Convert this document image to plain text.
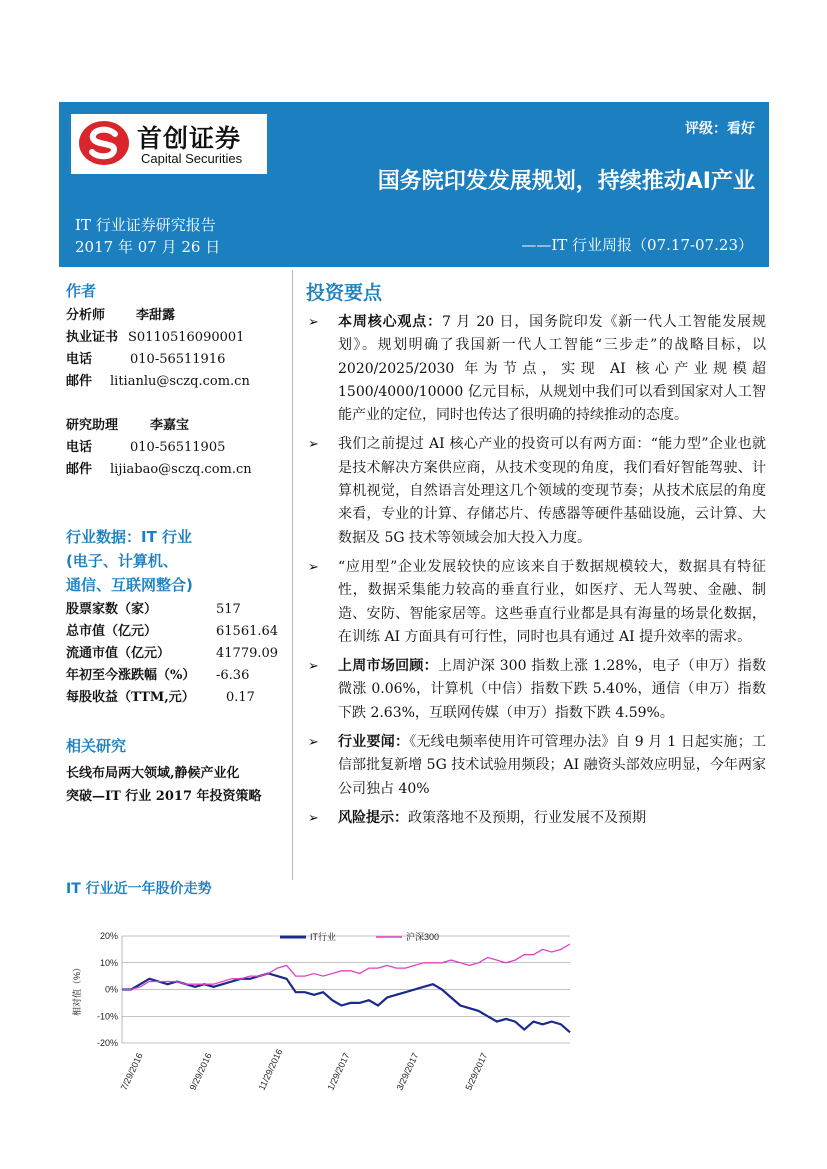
首创证券
Capital Securities
评级：看好
国务院印发发展规划，持续推动AI产业
IT 行业证券研究报告
2017 年 07 月 26 日	——IT 行业周报（07.17-07.23）
作者
分析师 李甜露
执业证书 S0110516090001
电话	010-56511916
邮件 litianlu@sczq.com.cn
研究助理 李嘉宝
电话	010-56511905
邮件 lijiabao@sczq.com.cn
行业数据：IT 行业
(电子、计算机、
通信、互联网整合)
股票家数（家）	517
总市值（亿元）	61561.64
流通市值（亿元）	41779.09
年初至今涨跌幅（%） -6.36
每股收益（TTM,元） 0.17
相关研究
长线布局两大领域,静候产业化
突破—IT 行业 2017 年投资策略
投资要点
➢ 本周核心观点：7 月 20 日，国务院印发《新一代人工智能发展规划》。规划明确了我国新一代人工智能“三步走”的战略目标，以 2020/2025/2030 年为节点，实现 AI 核心产业规模超 1500/4000/10000 亿元目标，从规划中我们可以看到国家对人工智能产业的定位，同时也传达了很明确的持续推动的态度。
➢ 我们之前提过 AI 核心产业的投资可以有两方面：“能力型”企业也就是技术解决方案供应商，从技术变现的角度，我们看好智能驾驶、计算机视觉，自然语言处理这几个领域的变现节奏；从技术底层的角度来看，专业的计算、存储芯片、传感器等硬件基础设施，云计算、大数据及 5G 技术等领域会加大投入力度。
➢ “应用型”企业发展较快的应该来自于数据规模较大，数据具有特征性，数据采集能力较高的垂直行业，如医疗、无人驾驶、金融、制造、安防、智能家居等。这些垂直行业都是具有海量的场景化数据，在训练 AI 方面具有可行性，同时也具有通过 AI 提升效率的需求。
➢ 上周市场回顾：上周沪深 300 指数上涨 1.28%，电子（申万）指数微涨 0.06%，计算机（中信）指数下跌 5.40%，通信（申万）指数下跌 2.63%，互联网传媒（申万）指数下跌 4.59%。
➢ 行业要闻：《无线电频率使用许可管理办法》自 9 月 1 日起实施；工信部批复新增 5G 技术试验用频段；AI 融资头部效应明显，今年两家公司独占 40%
➢ 风险提示：政策落地不及预期，行业发展不及预期
IT 行业近一年股价走势
20%
10%
0%
-10%
-20%
相对值（%）
7/29/2016	9/29/2016	11/29/2016	1/29/2017	3/29/2017	5/29/2017
IT行业	沪深300
